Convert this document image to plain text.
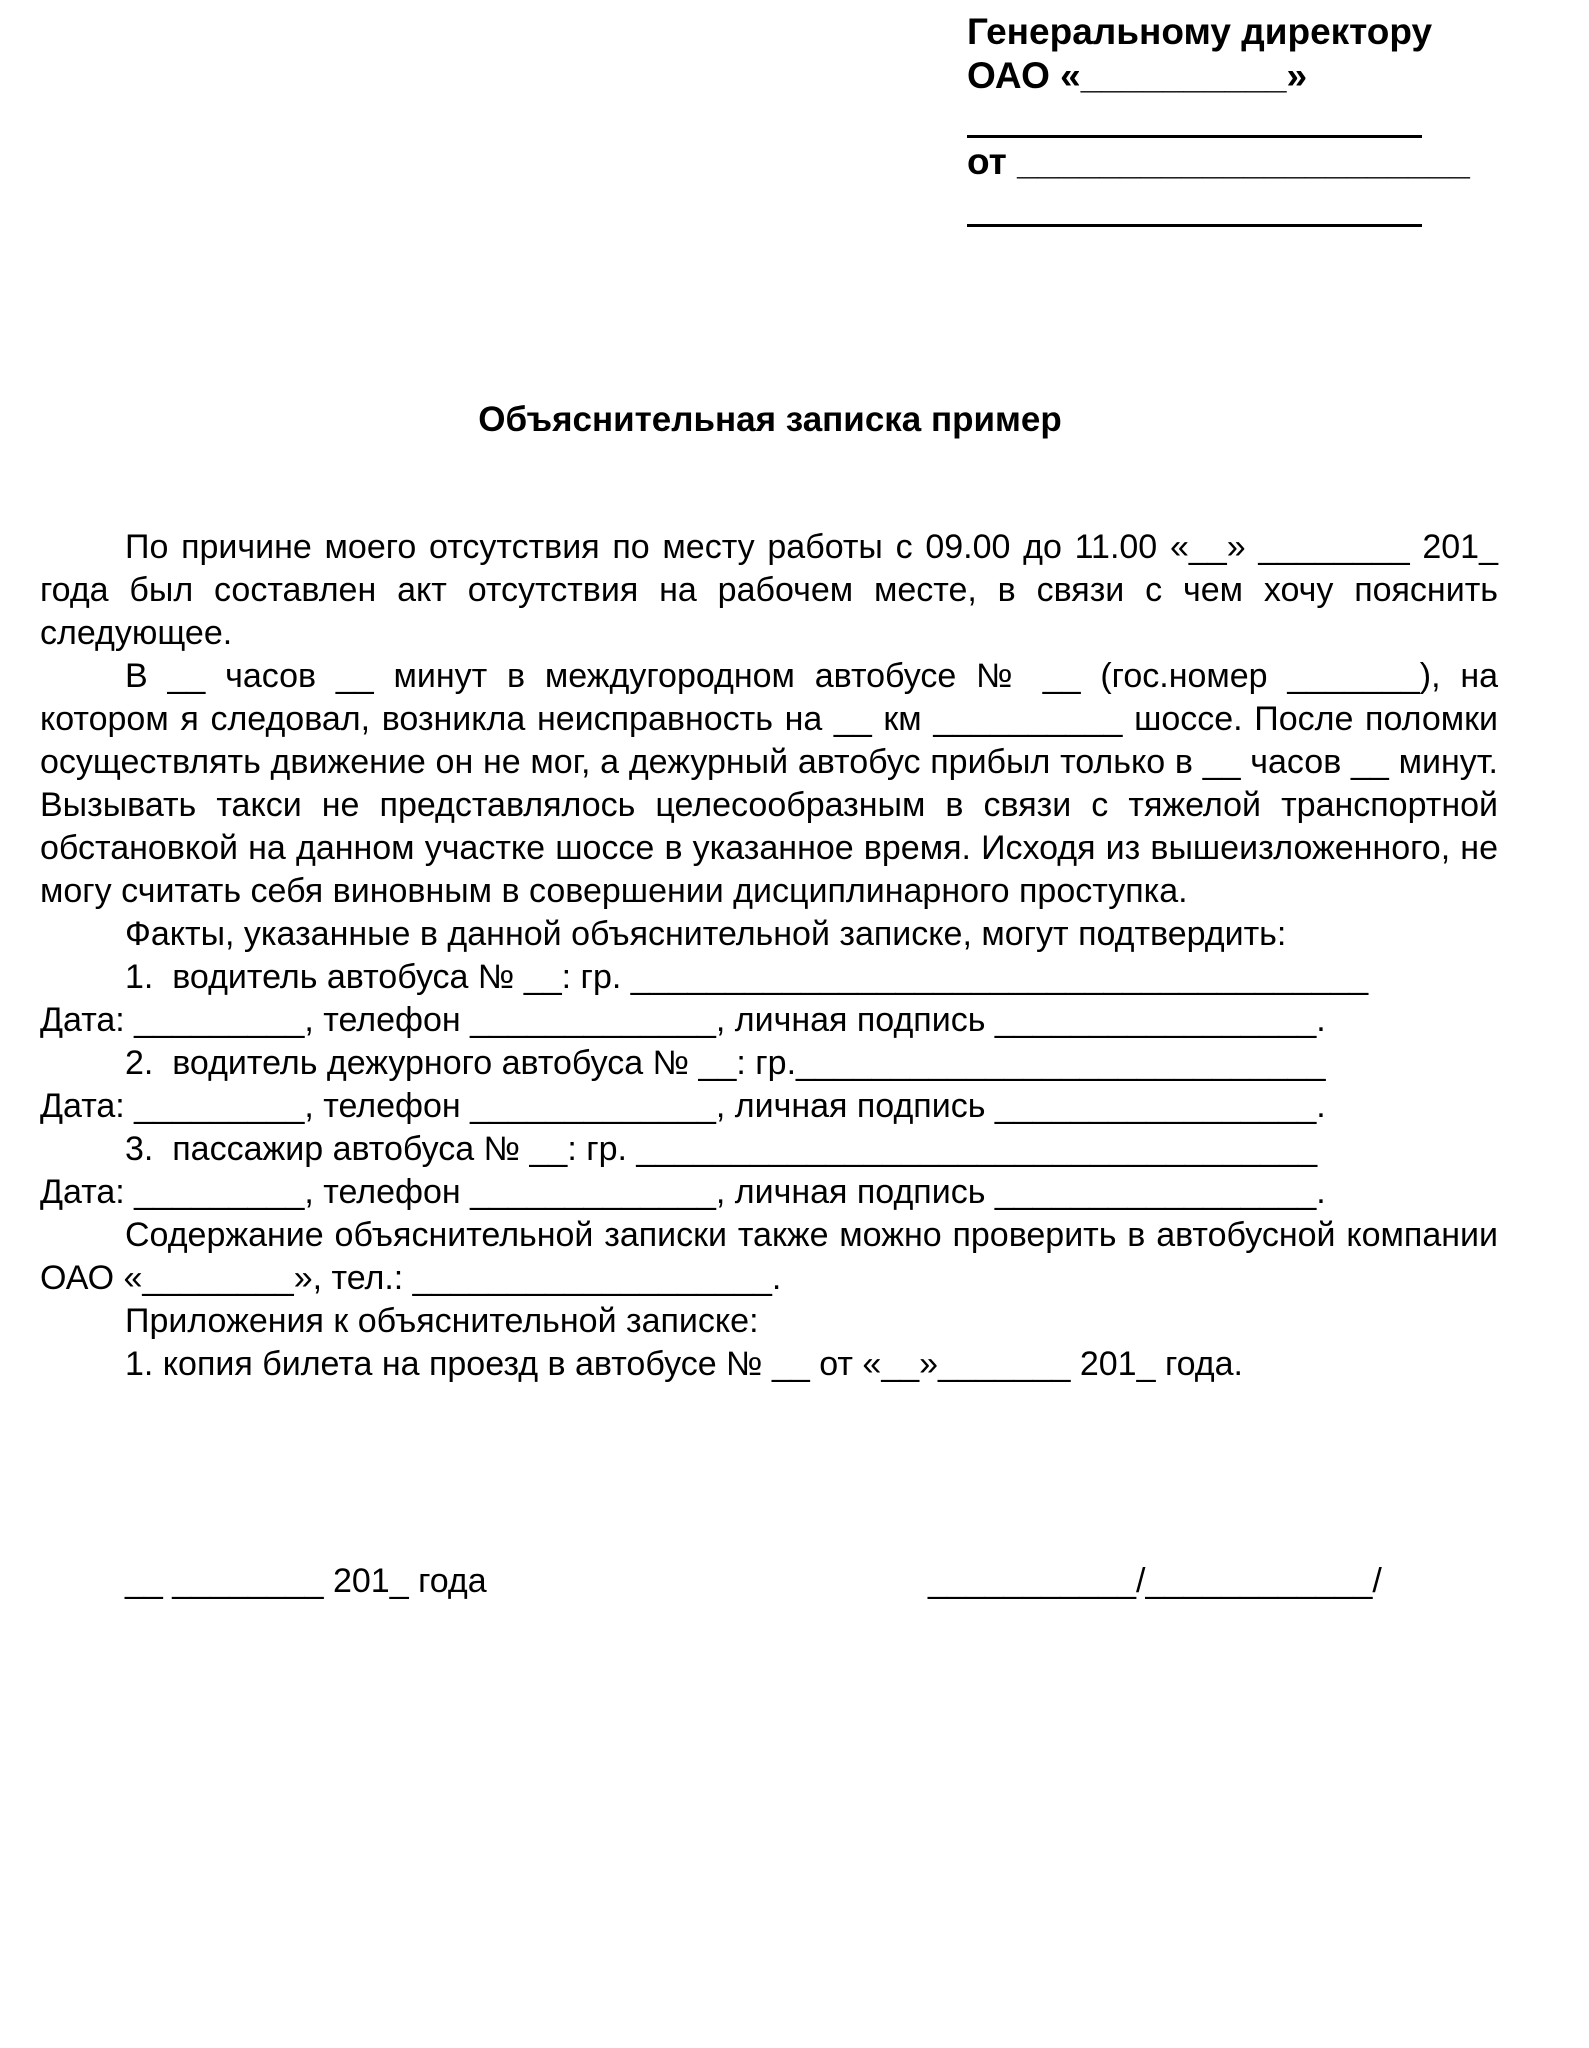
Генеральному директору
ОАО «__________»
от ______________________
Объяснительная записка пример

По причине моего отсутствия по месту работы с 09.00 до 11.00 «__» ________ 201_ года был составлен акт отсутствия на рабочем месте, в связи с чем хочу пояснить следующее.

В __ часов __ минут в междугородном автобусе № __ (гос.номер _______), на котором я следовал, возникла неисправность на __ км __________ шоссе. После поломки осуществлять движение он не мог, а дежурный автобус прибыл только в __ часов __ минут. Вызывать такси не представлялось целесообразным в связи с тяжелой транспортной обстановкой на данном участке шоссе в указанное время. Исходя из вышеизложенного, не могу считать себя виновным в совершении дисциплинарного проступка.

Факты, указанные в данной объяснительной записке, могут подтвердить:

1.  водитель автобуса № __: гр. _______________________________________

Дата: _________, телефон _____________, личная подпись _________________.

2.  водитель дежурного автобуса № __: гр.____________________________

Дата: _________, телефон _____________, личная подпись _________________.

3.  пассажир автобуса № __: гр. ____________________________________

Дата: _________, телефон _____________, личная подпись _________________.

Содержание объяснительной записки также можно проверить в автобусной компании ОАО «________», тел.: ___________________.

Приложения к объяснительной записке:

1. копия билета на проезд в автобусе № __ от «__»_______ 201_ года.

__ ________ 201_ года	___________/____________/
